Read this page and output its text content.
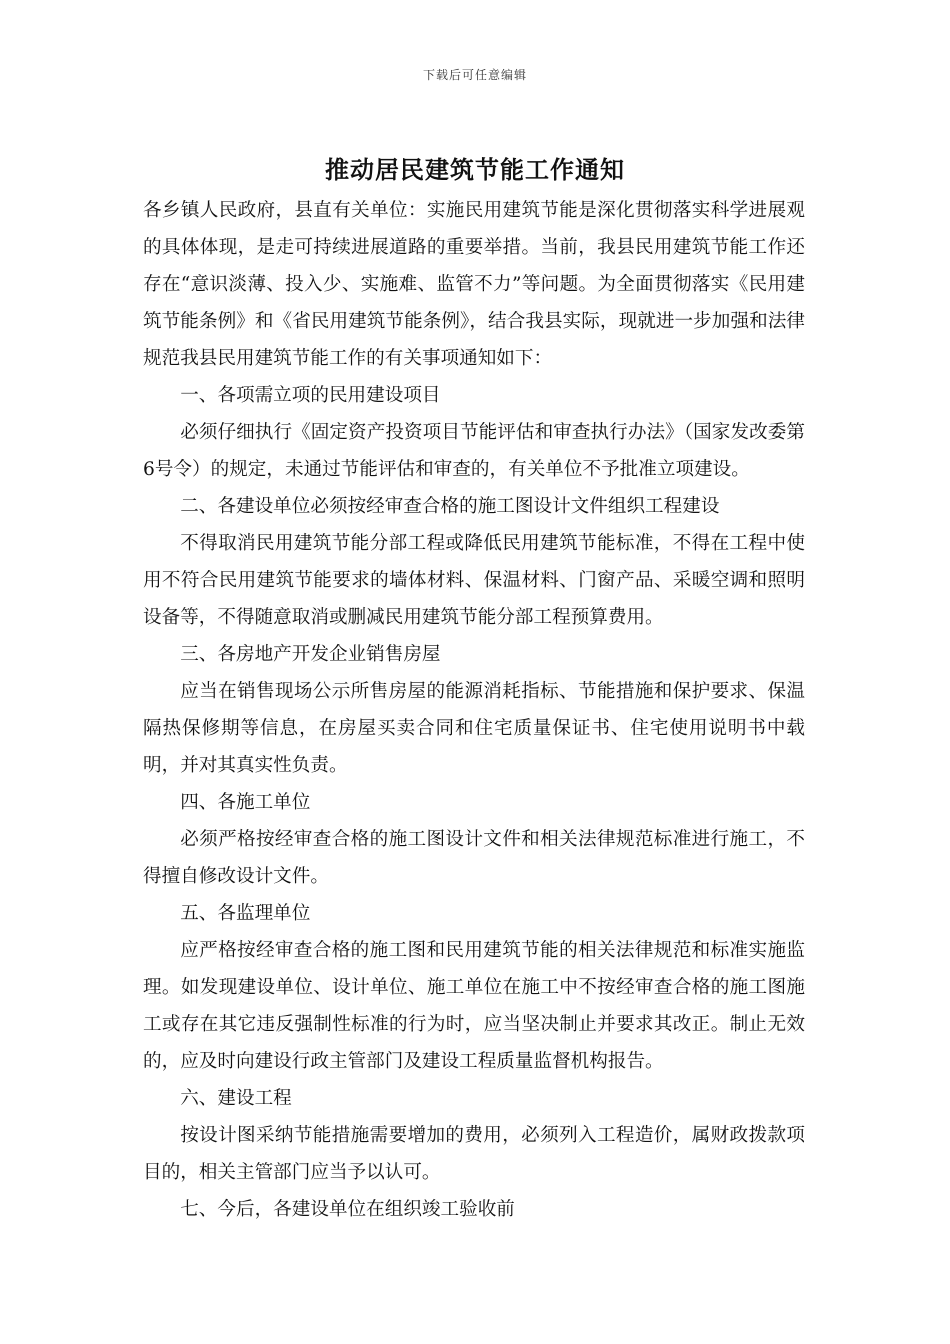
下载后可任意编辑
推动居民建筑节能工作通知

各乡镇人民政府，县直有关单位：实施民用建筑节能是深化贯彻落实科学进展观的具体体现，是走可持续进展道路的重要举措。当前，我县民用建筑节能工作还存在“意识淡薄、投入少、实施难、监管不力”等问题。为全面贯彻落实《民用建筑节能条例》和《省民用建筑节能条例》，结合我县实际，现就进一步加强和法律规范我县民用建筑节能工作的有关事项通知如下：

一、各项需立项的民用建设项目

必须仔细执行《固定资产投资项目节能评估和审查执行办法》（国家发改委第6号令）的规定，未通过节能评估和审查的，有关单位不予批准立项建设。

二、各建设单位必须按经审查合格的施工图设计文件组织工程建设

不得取消民用建筑节能分部工程或降低民用建筑节能标准，不得在工程中使用不符合民用建筑节能要求的墙体材料、保温材料、门窗产品、采暖空调和照明设备等，不得随意取消或删减民用建筑节能分部工程预算费用。

三、各房地产开发企业销售房屋

应当在销售现场公示所售房屋的能源消耗指标、节能措施和保护要求、保温隔热保修期等信息，在房屋买卖合同和住宅质量保证书、住宅使用说明书中载明，并对其真实性负责。

四、各施工单位

必须严格按经审查合格的施工图设计文件和相关法律规范标准进行施工，不得擅自修改设计文件。

五、各监理单位

应严格按经审查合格的施工图和民用建筑节能的相关法律规范和标准实施监理。如发现建设单位、设计单位、施工单位在施工中不按经审查合格的施工图施工或存在其它违反强制性标准的行为时，应当坚决制止并要求其改正。制止无效的，应及时向建设行政主管部门及建设工程质量监督机构报告。

六、建设工程

按设计图采纳节能措施需要增加的费用，必须列入工程造价，属财政拨款项目的，相关主管部门应当予以认可。

七、今后，各建设单位在组织竣工验收前
